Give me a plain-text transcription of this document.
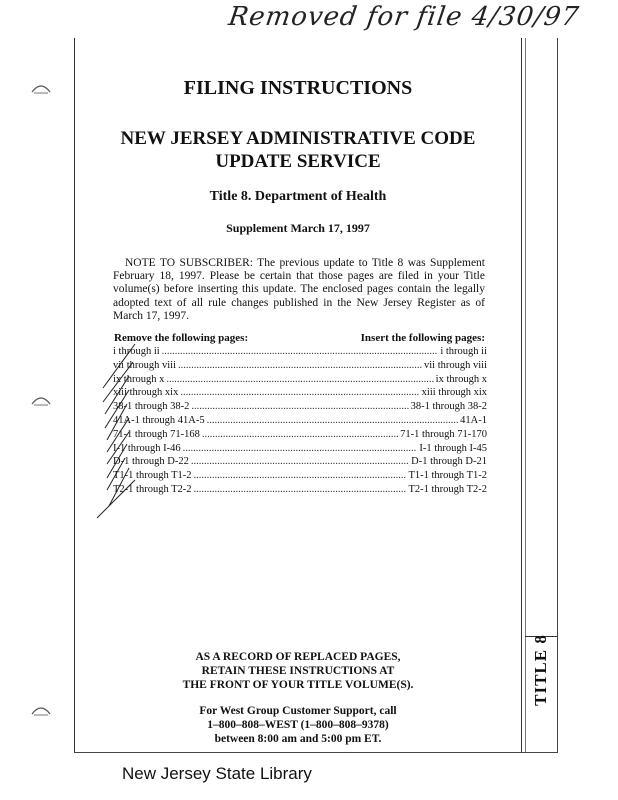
Removed for file 4/30/97
TITLE 8
FILING INSTRUCTIONS
NEW JERSEY ADMINISTRATIVE CODE
UPDATE SERVICE
Title 8. Department of Health
Supplement March 17, 1997
NOTE TO SUBSCRIBER: The previous update to Title 8 was Supplement February 18, 1997. Please be certain that those pages are filed in your Title volume(s) before inserting this update. The enclosed pages contain the legally adopted text of all rule changes published in the New Jersey Register as of March 17, 1997.
Remove the following pages:	Insert the following pages:
i through ii .....	i through ii
vii through viii .....	vii through viii
ix through x .....	ix through x
xiii through xix .....	xiii through xix
38-1 through 38-2 .....	38-1 through 38-2
41A-1 through 41A-5 .....	41A-1
71-1 through 71-168 .....	71-1 through 71-170
I-1 through I-46 .....	I-1 through I-45
D-1 through D-22 .....	D-1 through D-21
T1-1 through T1-2 .....	T1-1 through T1-2
T2-1 through T2-2 .....	T2-1 through T2-2
AS A RECORD OF REPLACED PAGES,
RETAIN THESE INSTRUCTIONS AT
THE FRONT OF YOUR TITLE VOLUME(S).
For West Group Customer Support, call
1–800–808–WEST (1–800–808–9378)
between 8:00 am and 5:00 pm ET.
New Jersey State Library
